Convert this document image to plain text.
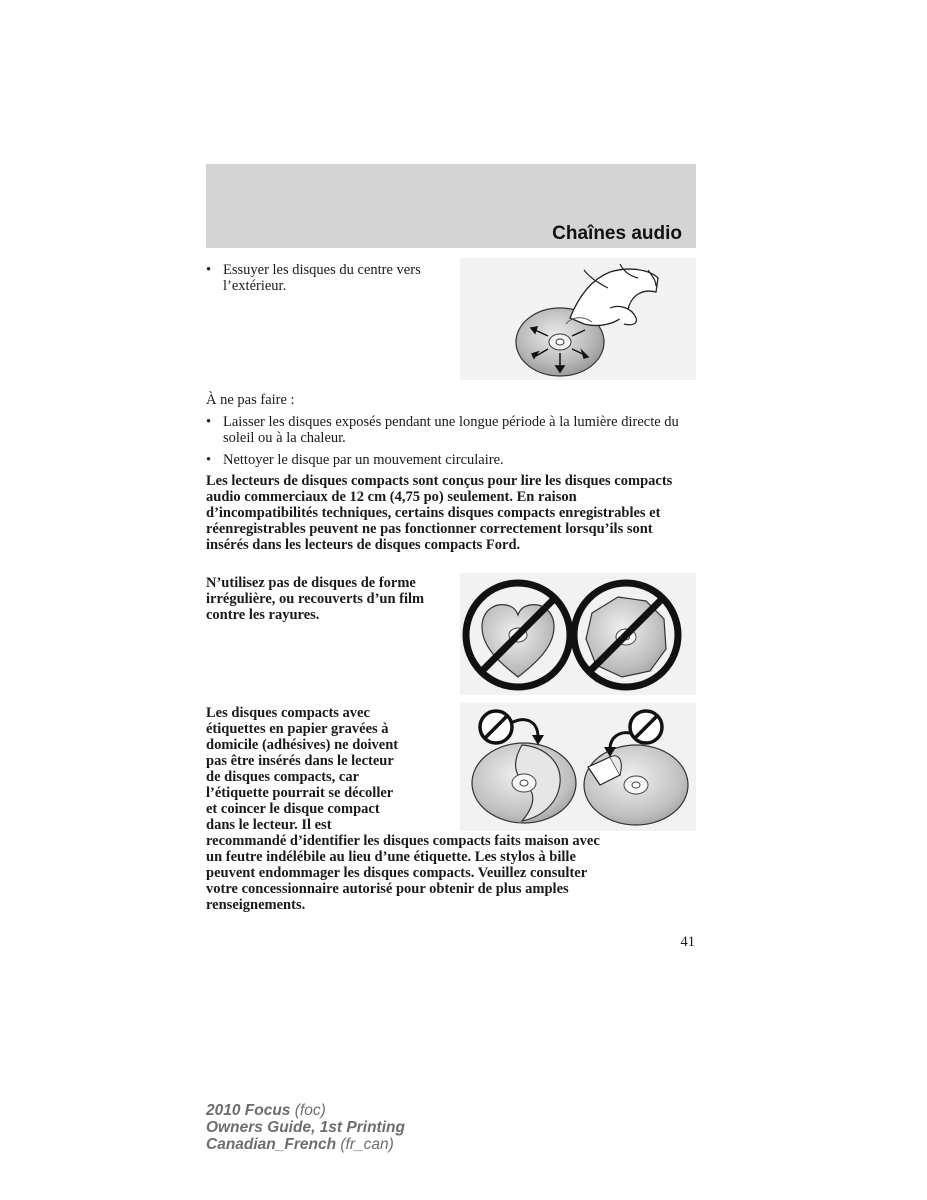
Chaînes audio
• Essuyer les disques du centre vers l’extérieur.
À ne pas faire :
• Laisser les disques exposés pendant une longue période à la lumière directe du soleil ou à la chaleur.
• Nettoyer le disque par un mouvement circulaire.
Les lecteurs de disques compacts sont conçus pour lire les disques compacts audio commerciaux de 12 cm (4,75 po) seulement. En raison d’incompatibilités techniques, certains disques compacts enregistrables et réenregistrables peuvent ne pas fonctionner correctement lorsqu’ils sont insérés dans les lecteurs de disques compacts Ford.
N’utilisez pas de disques de forme irrégulière, ou recouverts d’un film contre les rayures.
Les disques compacts avec
étiquettes en papier gravées à
domicile (adhésives) ne doivent
pas être insérés dans le lecteur
de disques compacts, car
l’étiquette pourrait se décoller
et coincer le disque compact
dans le lecteur. Il est
recommandé d’identifier les disques compacts faits maison avec
un feutre indélébile au lieu d’une étiquette. Les stylos à bille
peuvent endommager les disques compacts. Veuillez consulter
votre concessionnaire autorisé pour obtenir de plus amples
renseignements.
41
2010 Focus (foc)
Owners Guide, 1st Printing
Canadian_French (fr_can)
